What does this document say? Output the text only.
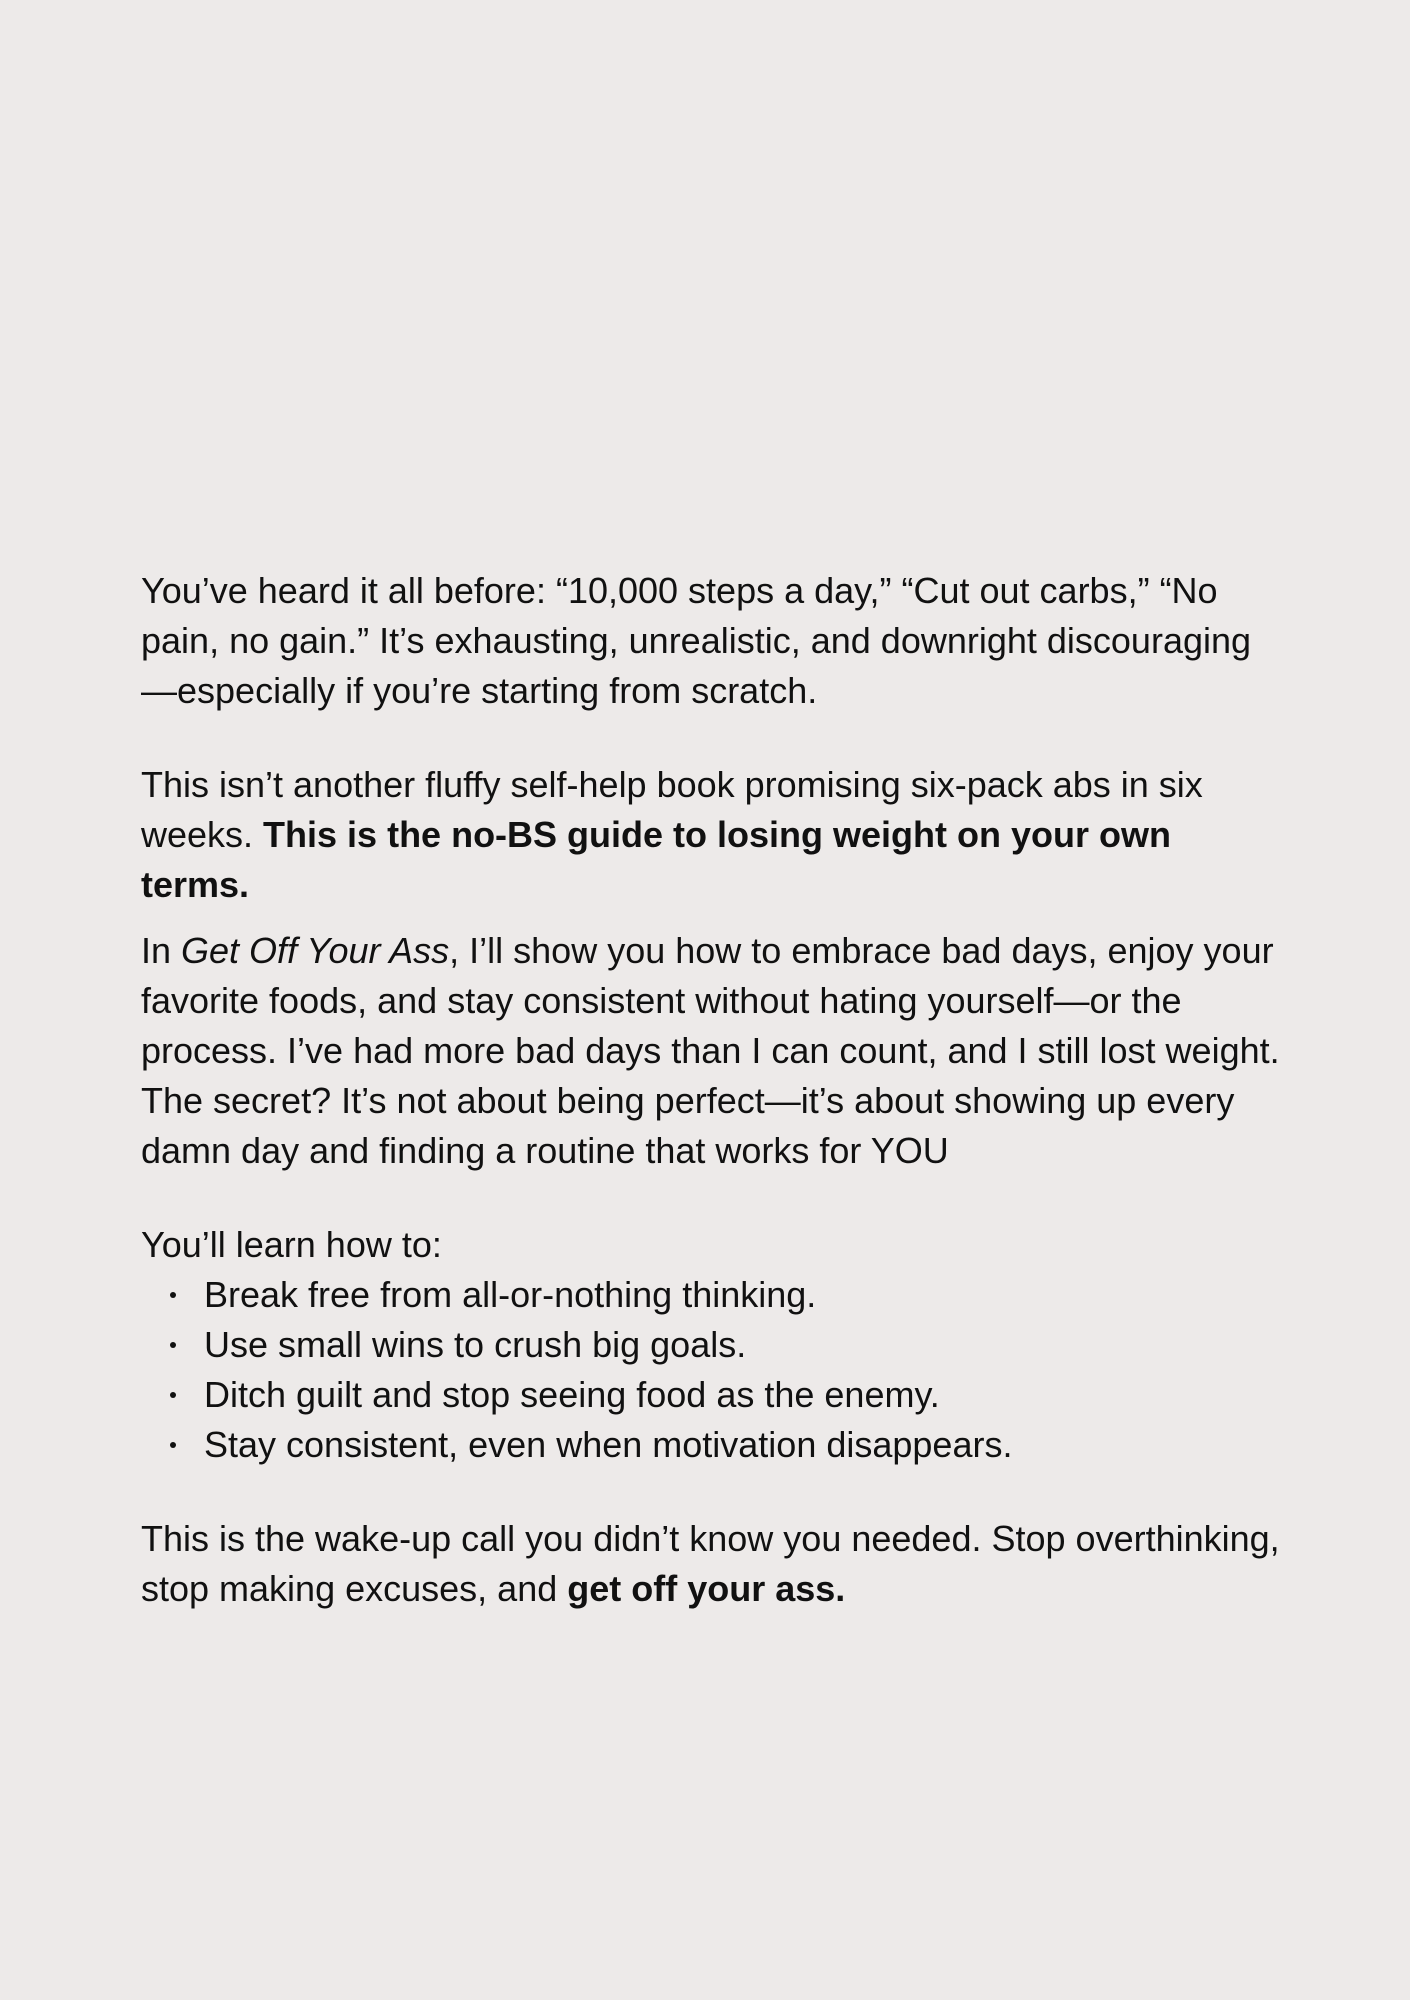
You’ve heard it all before: “10,000 steps a day,” “Cut out carbs,” “No pain, no gain.” It’s exhausting, unrealistic, and downright discouraging—especially if you’re starting from scratch.

This isn’t another fluffy self-help book promising six-pack abs in six weeks. This is the no-BS guide to losing weight on your own terms.

In Get Off Your Ass, I’ll show you how to embrace bad days, enjoy your favorite foods, and stay consistent without hating yourself—or the process. I’ve had more bad days than I can count, and I still lost weight. The secret? It’s not about being perfect—it’s about showing up every damn day and finding a routine that works for YOU

You’ll learn how to:

Break free from all-or-nothing thinking.
Use small wins to crush big goals.
Ditch guilt and stop seeing food as the enemy.
Stay consistent, even when motivation disappears.

This is the wake-up call you didn’t know you needed. Stop overthinking, stop making excuses, and get off your ass.
